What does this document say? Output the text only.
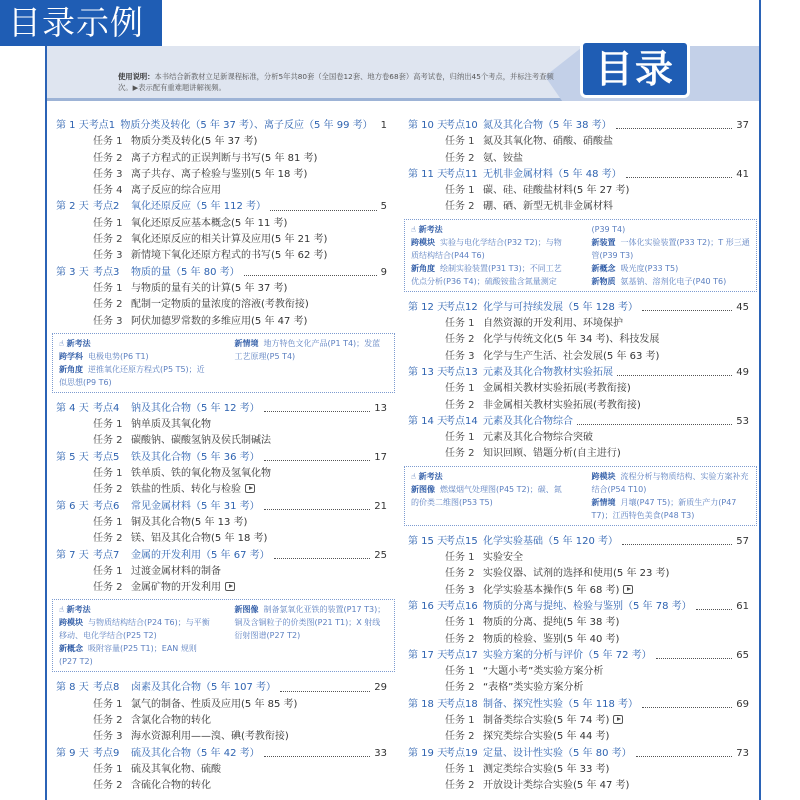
目录示例
目录
使用说明：本书结合新教材立足新课程标准，分析5年共80套（全国卷12套、地方卷68套）高考试卷，归纳出45个考点，并标注考查频次。▶表示配有重难题讲解视频。
第 1 天 考点1 物质分类及转化（5 年 37 考）、离子反应（5 年 99 考） 1
任务 1 物质分类及转化(5 年 37 考)
任务 2 离子方程式的正误判断与书写(5 年 81 考)
任务 3 离子共存、离子检验与鉴别(5 年 18 考)
任务 4 离子反应的综合应用
第 2 天 考点2	氧化还原反应（5 年 112 考）	5
任务 1 氧化还原反应基本概念(5 年 11 考)
任务 2 氧化还原反应的相关计算及应用(5 年 21 考)
任务 3 新情境下氧化还原方程式的书写(5 年 62 考)
第 3 天 考点3	物质的量（5 年 80 考）	9
任务 1 与物质的量有关的计算(5 年 37 考)
任务 2 配制一定物质的量浓度的溶液(考教衔接)
任务 3 阿伏加德罗常数的多维应用(5 年 47 考)
☝ 新考法
跨学科 电极电势(P6 T1)
新角度 逆推氧化还原方程式(P5 T5)；近似思想(P9 T6)
新情境 地方特色文化产品(P1 T4)；发蓝工艺原理(P5 T4)
第 4 天 考点4	钠及其化合物（5 年 12 考）	13
任务 1 钠单质及其氧化物
任务 2 碳酸钠、碳酸氢钠及侯氏制碱法
第 5 天 考点5	铁及其化合物（5 年 36 考）	17
任务 1 铁单质、铁的氧化物及氢氧化物
任务 2 铁盐的性质、转化与检验
第 6 天 考点6	常见金属材料（5 年 31 考）	21
任务 1 铜及其化合物(5 年 13 考)
任务 2 镁、铝及其化合物(5 年 18 考)
第 7 天 考点7	金属的开发利用（5 年 67 考）	25
任务 1 过渡金属材料的制备
任务 2 金属矿物的开发利用
☝ 新考法
跨模块 与物质结构结合(P24 T6)；与平衡移动、电化学结合(P25 T2)
新概念 吸附容量(P25 T1)；EAN 规则(P27 T2)
新图像 制备氯氧化亚铁的装置(P17 T3)；铜及含铜粒子的价类图(P21 T1)；X 射线衍射图谱(P27 T2)
第 8 天 考点8	卤素及其化合物（5 年 107 考）	29
任务 1 氯气的制备、性质及应用(5 年 85 考)
任务 2 含氯化合物的转化
任务 3 海水资源利用——溴、碘(考教衔接)
第 9 天 考点9	硫及其化合物（5 年 42 考）	33
任务 1 硫及其氧化物、硫酸
任务 2 含硫化合物的转化
第 10 天
考点10 氮及其化合物（5 年 38 考）	37
任务 1 氮及其氧化物、硝酸、硝酸盐
任务 2 氨、铵盐
第 11 天
考点11 无机非金属材料（5 年 48 考）	41
任务 1 碳、硅、硅酸盐材料(5 年 27 考)
任务 2 硼、硒、新型无机非金属材料
☝ 新考法
跨模块 实验与电化学结合(P32 T2)；与物质结构结合(P44 T6)
新角度 绘制实验装置(P31 T3)；不同工艺优点分析(P36 T4)；硫酸铵盐含氮量测定(P39 T4)
新装置 一体化实验装置(P33 T2)；T 形三通管(P39 T3)
新概念 吸光度(P33 T5)
新物质 氨基钠、溶剂化电子(P40 T6)
第 12 天
考点12 化学与可持续发展（5 年 128 考）	45
任务 1 自然资源的开发利用、环境保护
任务 2 化学与传统文化(5 年 34 考)、科技发展
任务 3 化学与生产生活、社会发展(5 年 63 考)
第 13 天
考点13 元素及其化合物教材实验拓展	49
任务 1 金属相关教材实验拓展(考教衔接)
任务 2 非金属相关教材实验拓展(考教衔接)
第 14 天
考点14 元素及其化合物综合	53
任务 1 元素及其化合物综合突破
任务 2 知识回顾、错题分析(自主进行)
☝ 新考法
新图像 燃煤烟气处理图(P45 T2)；碳、氮的价类二维图(P53 T5)
跨模块 流程分析与物质结构、实验方案补充结合(P54 T10)
新情境 月壤(P47 T5)；新质生产力(P47 T7)；江西特色美食(P48 T3)
第 15 天
考点15 化学实验基础（5 年 120 考）	57
任务 1 实验安全
任务 2 实验仪器、试剂的选择和使用(5 年 23 考)
任务 3 化学实验基本操作(5 年 68 考)
第 16 天
考点16 物质的分离与提纯、检验与鉴别（5 年 78 考）	61
任务 1 物质的分离、提纯(5 年 38 考)
任务 2 物质的检验、鉴别(5 年 40 考)
第 17 天
考点17 实验方案的分析与评价（5 年 72 考）	65
任务 1 “大题小考”类实验方案分析
任务 2 “表格”类实验方案分析
第 18 天
考点18 制备、探究性实验（5 年 118 考）	69
任务 1 制备类综合实验(5 年 74 考)
任务 2 探究类综合实验(5 年 44 考)
第 19 天
考点19 定量、设计性实验（5 年 80 考）	73
任务 1 测定类综合实验(5 年 33 考)
任务 2 开放设计类综合实验(5 年 47 考)
